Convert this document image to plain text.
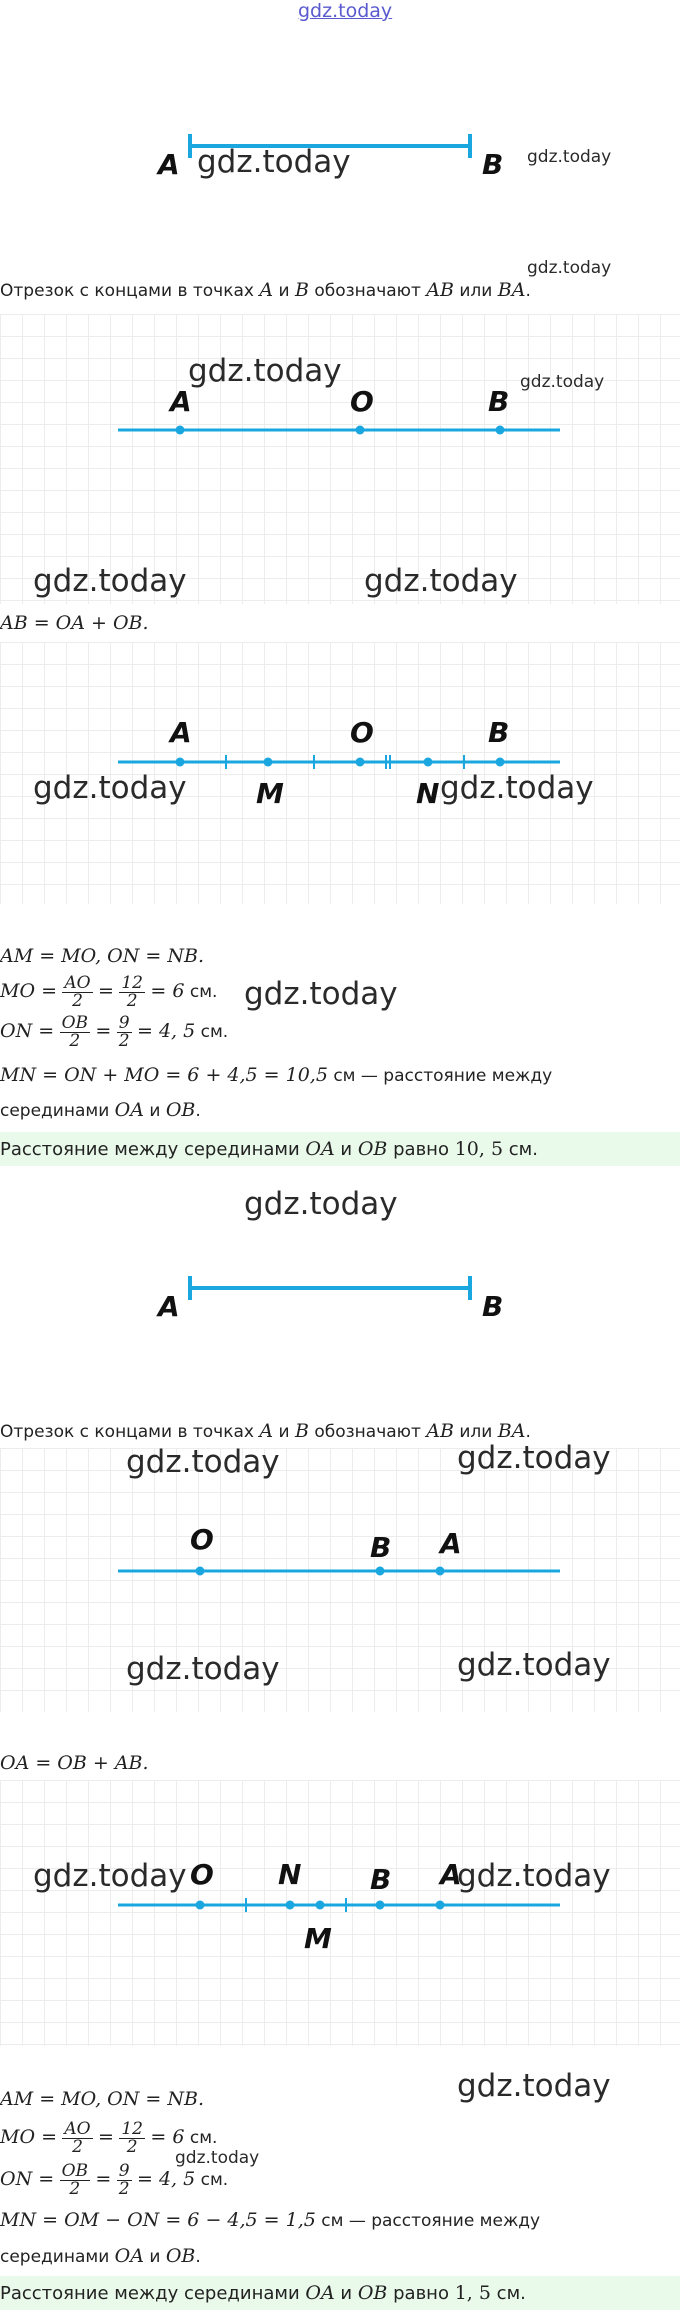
gdz.today
A	B
gdz.today	gdz.today
gdz.today
Отрезок с концами в точках A и B обозначают AB или BA.
A	O	B
gdz.today	gdz.today
gdz.today	gdz.today
AB = OA + OB.
A	O	B
M	N
gdz.today	gdz.today
AM = MO, ON = NB.
MO = $\frac{AO}{2} = \frac{12}{2} = 6$ см. gdz.today
ON = $\frac{OB}{2} = \frac{9}{2} = 4$, 5 см.
MN = ON + MO = 6 + 4,5 = 10,5 см — расстояние между
серединами OA и OB.
Расстояние между серединами OA и OB равно 10, 5 см.
gdz.today
A	B
Отрезок с концами в точках A и B обозначают AB или BA.
O	B A
gdz.today	gdz.today
gdz.today	gdz.today
OA = OB + AB.
O N B A
M
gdz.today	gdz.today
gdz.today
AM = MO, ON = NB.
MO = $\frac{AO}{2} = \frac{12}{2} = 6$ см.
ON = $\frac{OB}{2} = \frac{9}{2} = 4$, 5 см.
gdz.today
MN = OM − ON = 6 − 4,5 = 1,5 см — расстояние между
серединами OA и OB.
Расстояние между серединами OA и OB равно 1, 5 см.
